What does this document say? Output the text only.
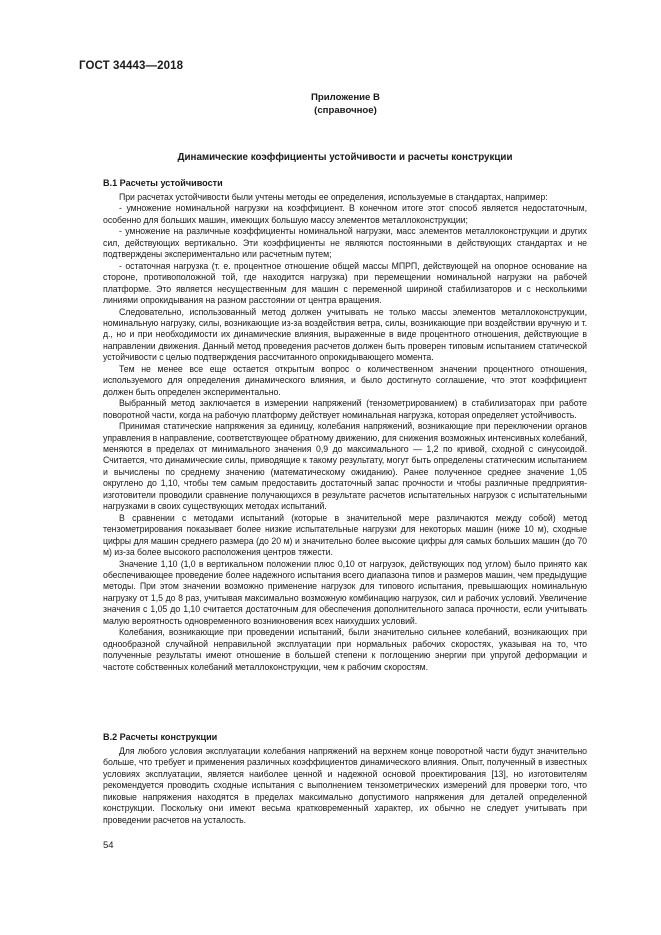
ГОСТ 34443—2018
Приложение В
(справочное)
Динамические коэффициенты устойчивости и расчеты конструкции
В.1 Расчеты устойчивости

При расчетах устойчивости были учтены методы ее определения, используемые в стандартах, например:

- умножение номинальной нагрузки на коэффициент. В конечном итоге этот способ является недостаточным, особенно для больших машин, имеющих большую массу элементов металлоконструкции;

- умножение на различные коэффициенты номинальной нагрузки, масс элементов металлоконструкции и других сил, действующих вертикально. Эти коэффициенты не являются постоянными в действующих стандартах и не подтверждены экспериментально или расчетным путем;

- остаточная нагрузка (т. е. процентное отношение общей массы МПРП, действующей на опорное основание на стороне, противоположной той, где находится нагрузка) при перемещении номинальной нагрузки на рабочей платформе. Это является несущественным для машин с переменной шириной стабилизаторов и с несколькими линиями опрокидывания на разном расстоянии от центра вращения.

Следовательно, использованный метод должен учитывать не только массы элементов металлоконструкции, номинальную нагрузку, силы, возникающие из-за воздействия ветра, силы, возникающие при воздействии вручную и т. д., но и при необходимости их динамические влияния, выраженные в виде процентного отношения, действующие в направлении движения. Данный метод проведения расчетов должен быть проверен типовым испытанием статической устойчивости с целью подтверждения рассчитанного опрокидывающего момента.

Тем не менее все еще остается открытым вопрос о количественном значении процентного отношения, используемого для определения динамического влияния, и было достигнуто соглашение, что этот коэффициент должен быть определен экспериментально.

Выбранный метод заключается в измерении напряжений (тензометрированием) в стабилизаторах при работе поворотной части, когда на рабочую платформу действует номинальная нагрузка, которая определяет устойчивость.

Принимая статические напряжения за единицу, колебания напряжений, возникающие при переключении органов управления в направление, соответствующее обратному движению, для снижения возможных интенсивных колебаний, меняются в пределах от минимального значения 0,9 до максимального — 1,2 по кривой, сходной с синусоидой. Считается, что динамические силы, приводящие к такому результату, могут быть определены статическим испытанием и вычислены по среднему значению (математическому ожиданию). Ранее полученное среднее значение 1,05 округлено до 1,10, чтобы тем самым предоставить достаточный запас прочности и чтобы различные предприятия-изготовители проводили сравнение получающихся в результате расчетов испытательных нагрузок с испытательными нагрузками в своих существующих методах испытаний.

В сравнении с методами испытаний (которые в значительной мере различаются между собой) метод тензометрирования показывает более низкие испытательные нагрузки для некоторых машин (ниже 10 м), сходные цифры для машин среднего размера (до 20 м) и значительно более высокие цифры для самых больших машин (до 70 м) из-за более высокого расположения центров тяжести.

Значение 1,10 (1,0 в вертикальном положении плюс 0,10 от нагрузок, действующих под углом) было принято как обеспечивающее проведение более надежного испытания всего диапазона типов и размеров машин, чем предыдущие методы. При этом значении возможно применение нагрузок для типового испытания, превышающих номинальную нагрузку от 1,5 до 8 раз, учитывая максимально возможную комбинацию нагрузок, сил и рабочих условий. Увеличение значения с 1,05 до 1,10 считается достаточным для обеспечения дополнительного запаса прочности, если учитывать малую вероятность одновременного возникновения всех наихудших условий.

Колебания, возникающие при проведении испытаний, были значительно сильнее колебаний, возникающих при однообразной случайной неправильной эксплуатации при нормальных рабочих скоростях, указывая на то, что полученные результаты имеют отношение в большей степени к поглощению энергии при упругой деформации и частоте собственных колебаний металлоконструкции, чем к рабочим скоростям.

В.2 Расчеты конструкции

Для любого условия эксплуатации колебания напряжений на верхнем конце поворотной части будут значительно больше, что требует и применения различных коэффициентов динамического влияния. Опыт, полученный в известных условиях эксплуатации, является наиболее ценной и надежной основой проектирования [13], но изготовителям рекомендуется проводить сходные испытания с выполнением тензометрических измерений для проверки того, что пиковые напряжения находятся в пределах максимально допустимого напряжения для деталей определенной конструкции. Поскольку они имеют весьма кратковременный характер, их обычно не следует учитывать при проведении расчетов на усталость.

54
